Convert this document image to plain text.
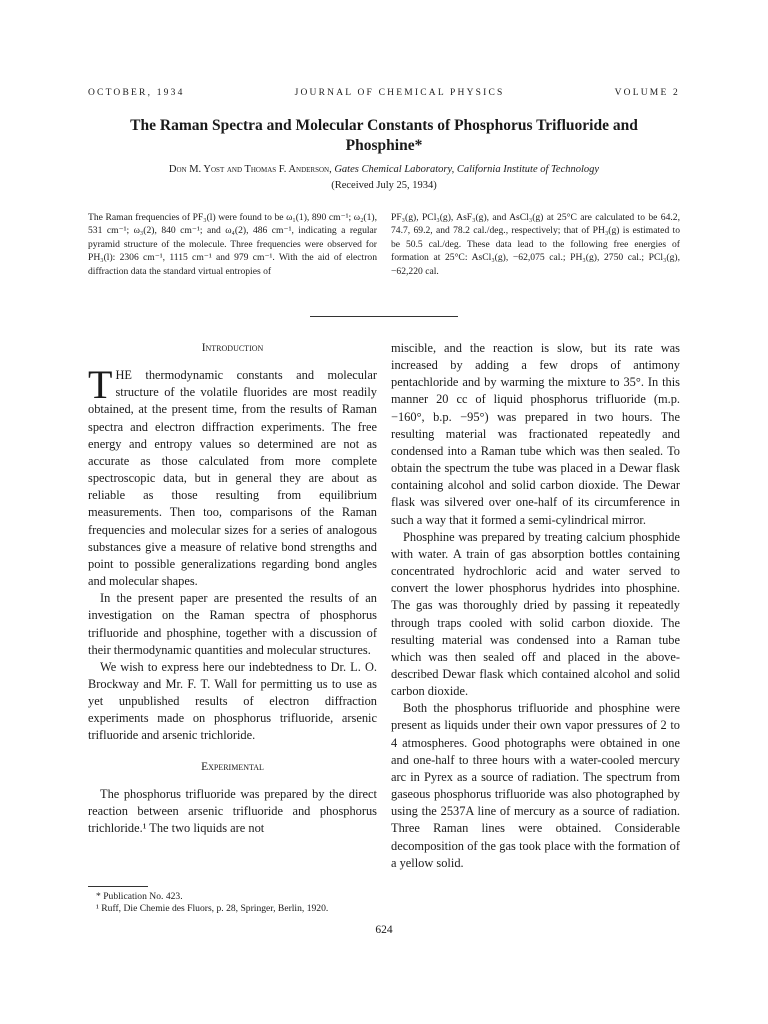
OCTOBER, 1934	JOURNAL OF CHEMICAL PHYSICS	VOLUME 2
The Raman Spectra and Molecular Constants of Phosphorus Trifluoride and Phosphine*
Don M. Yost and Thomas F. Anderson, Gates Chemical Laboratory, California Institute of Technology
(Received July 25, 1934)

The Raman frequencies of PF₃(l) were found to be ω₁(1), 890 cm⁻¹; ω₂(1), 531 cm⁻¹; ω₃(2), 840 cm⁻¹; and ω₄(2), 486 cm⁻¹, indicating a regular pyramid structure of the molecule. Three frequencies were observed for PH₃(l): 2306 cm⁻¹, 1115 cm⁻¹ and 979 cm⁻¹. With the aid of electron diffraction data the standard virtual entropies of

PF₃(g), PCl₃(g), AsF₃(g), and AsCl₃(g) at 25°C are calculated to be 64.2, 74.7, 69.2, and 78.2 cal./deg., respectively; that of PH₃(g) is estimated to be 50.5 cal./deg. These data lead to the following free energies of formation at 25°C: AsCl₃(g), −62,075 cal.; PH₃(g), 2750 cal.; PCl₃(g), −62,220 cal.

Introduction

THE thermodynamic constants and molecular structure of the volatile fluorides are most readily obtained, at the present time, from the results of Raman spectra and electron diffraction experiments. The free energy and entropy values so determined are not as accurate as those calculated from more complete spectroscopic data, but in general they are about as reliable as those resulting from equilibrium measurements. Then too, comparisons of the Raman frequencies and molecular sizes for a series of analogous substances give a measure of relative bond strengths and point to possible generalizations regarding bond angles and molecular shapes.

In the present paper are presented the results of an investigation on the Raman spectra of phosphorus trifluoride and phosphine, together with a discussion of their thermodynamic quantities and molecular structures.

We wish to express here our indebtedness to Dr. L. O. Brockway and Mr. F. T. Wall for permitting us to use as yet unpublished results of electron diffraction experiments made on phosphorus trifluoride, arsenic trifluoride and arsenic trichloride.

Experimental

The phosphorus trifluoride was prepared by the direct reaction between arsenic trifluoride and phosphorus trichloride.¹ The two liquids are not

miscible, and the reaction is slow, but its rate was increased by adding a few drops of antimony pentachloride and by warming the mixture to 35°. In this manner 20 cc of liquid phosphorus trifluoride (m.p. −160°, b.p. −95°) was prepared in two hours. The resulting material was fractionated repeatedly and condensed into a Raman tube which was then sealed. To obtain the spectrum the tube was placed in a Dewar flask containing alcohol and solid carbon dioxide. The Dewar flask was silvered over one-half of its circumference in such a way that it formed a semi-cylindrical mirror.

Phosphine was prepared by treating calcium phosphide with water. A train of gas absorption bottles containing concentrated hydrochloric acid and water served to convert the lower phosphorus hydrides into phosphine. The gas was thoroughly dried by passing it repeatedly through traps cooled with solid carbon dioxide. The resulting material was condensed into a Raman tube which was then sealed off and placed in the above-described Dewar flask which contained alcohol and solid carbon dioxide.

Both the phosphorus trifluoride and phosphine were present as liquids under their own vapor pressures of 2 to 4 atmospheres. Good photographs were obtained in one and one-half to three hours with a water-cooled mercury arc in Pyrex as a source of radiation. The spectrum from gaseous phosphorus trifluoride was also photographed by using the 2537A line of mercury as a source of radiation. Three Raman lines were obtained. Considerable decomposition of the gas took place with the formation of a yellow solid.

* Publication No. 423.

¹ Ruff, Die Chemie des Fluors, p. 28, Springer, Berlin, 1920.

624
